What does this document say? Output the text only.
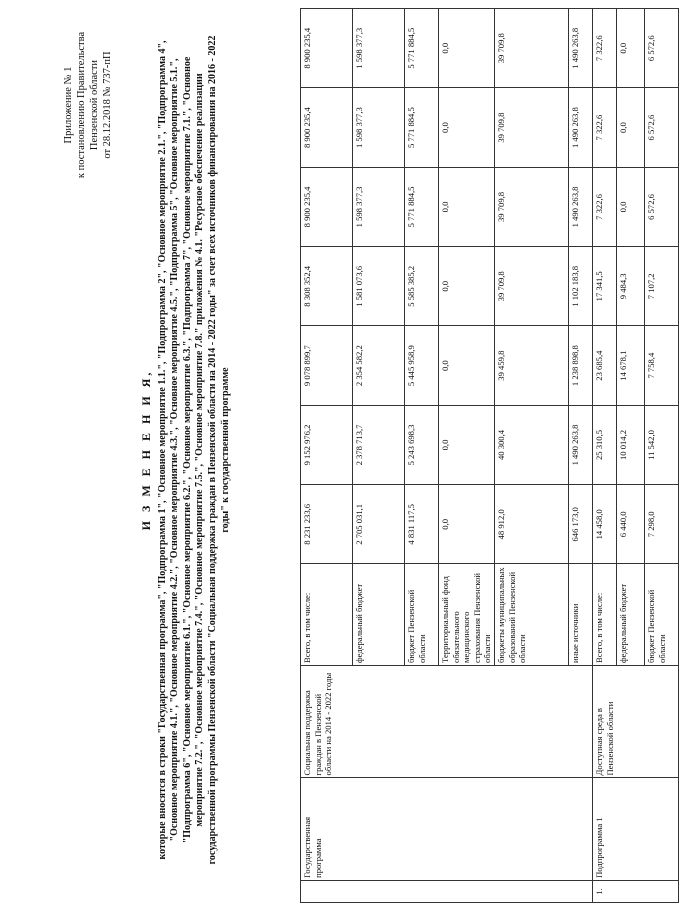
Приложение № 1 к постановлению Правительства Пензенской области от 28.12.2018 № 737-пП
И З М Е Н Е Н И Я, которые вносятся в строки "Государственная программа", "Подпрограмма 1", "Основное мероприятие 1.1.", "Подпрограмма 2", "Основное мероприятие 2.1.", "Подпрограмма 4", "Основное мероприятие 4.1.", "Основное мероприятие 4.2.", "Основное мероприятие 4.3.", "Основное мероприятие 4.5.", "Подпрограмма 5", "Основное мероприятие 5.1.", "Подпрограмма 6", "Основное мероприятие 6.1.", "Основное мероприятие 6.2.", "Основное мероприятие 6.3.", "Подпрограмма 7", "Основное мероприятие 7.1.", "Основное мероприятие 7.2.", "Основное мероприятие 7.4.", "Основное мероприятие 7.5.", "Основное мероприятие 7.8." приложения № 4.1. "Ресурсное обеспечение реализации государственной программы Пензенской области "Социальная поддержка граждан в Пензенской области на 2014 - 2022 годы" за счет всех источников финансирования на 2016 - 2022 годы" к государственной программе
	Государственная программа	Социальная поддержка граждан в Пензенской области на 2014 - 2022 годы	Всего, в том числе:	8 231 233,6	9 152 976,2	9 078 899,7	8 308 352,4	8 900 235,4	8 900 235,4	8 900 235,4
			федеральный бюджет	2 705 031,1	2 378 713,7	2 354 582,2	1 581 073,6	1 598 377,3	1 598 377,3	1 598 377,3
			бюджет Пензенской области	4 831 117,5	5 243 698,3	5 445 958,9	5 585 385,2	5 771 884,5	5 771 884,5	5 771 884,5
			Территориальный фонд обязательного медицинского страхования Пензенской области	0,0	0,0	0,0	0,0	0,0	0,0	0,0
			бюджеты муниципальных образований Пензенской области	48 912,0	40 300,4	39 459,8	39 709,8	39 709,8	39 709,8	39 709,8
			иные источники	646 173,0	1 490 263,8	1 238 898,8	1 102 183,8	1 490 263,8	1 490 263,8	1 490 263,8
1.	Подпрограмма 1	Доступная среда в Пензенской области	Всего, в том числе:	14 458,0	25 310,5	23 685,4	17 341,5	7 322,6	7 322,6	7 322,6
			федеральный бюджет	6 440,0	10 014,2	14 678,1	9 484,3	0,0	0,0	0,0
			бюджет Пензенской области	7 298,0	11 542,0	7 758,4	7 107,2	6 572,6	6 572,6	6 572,6
